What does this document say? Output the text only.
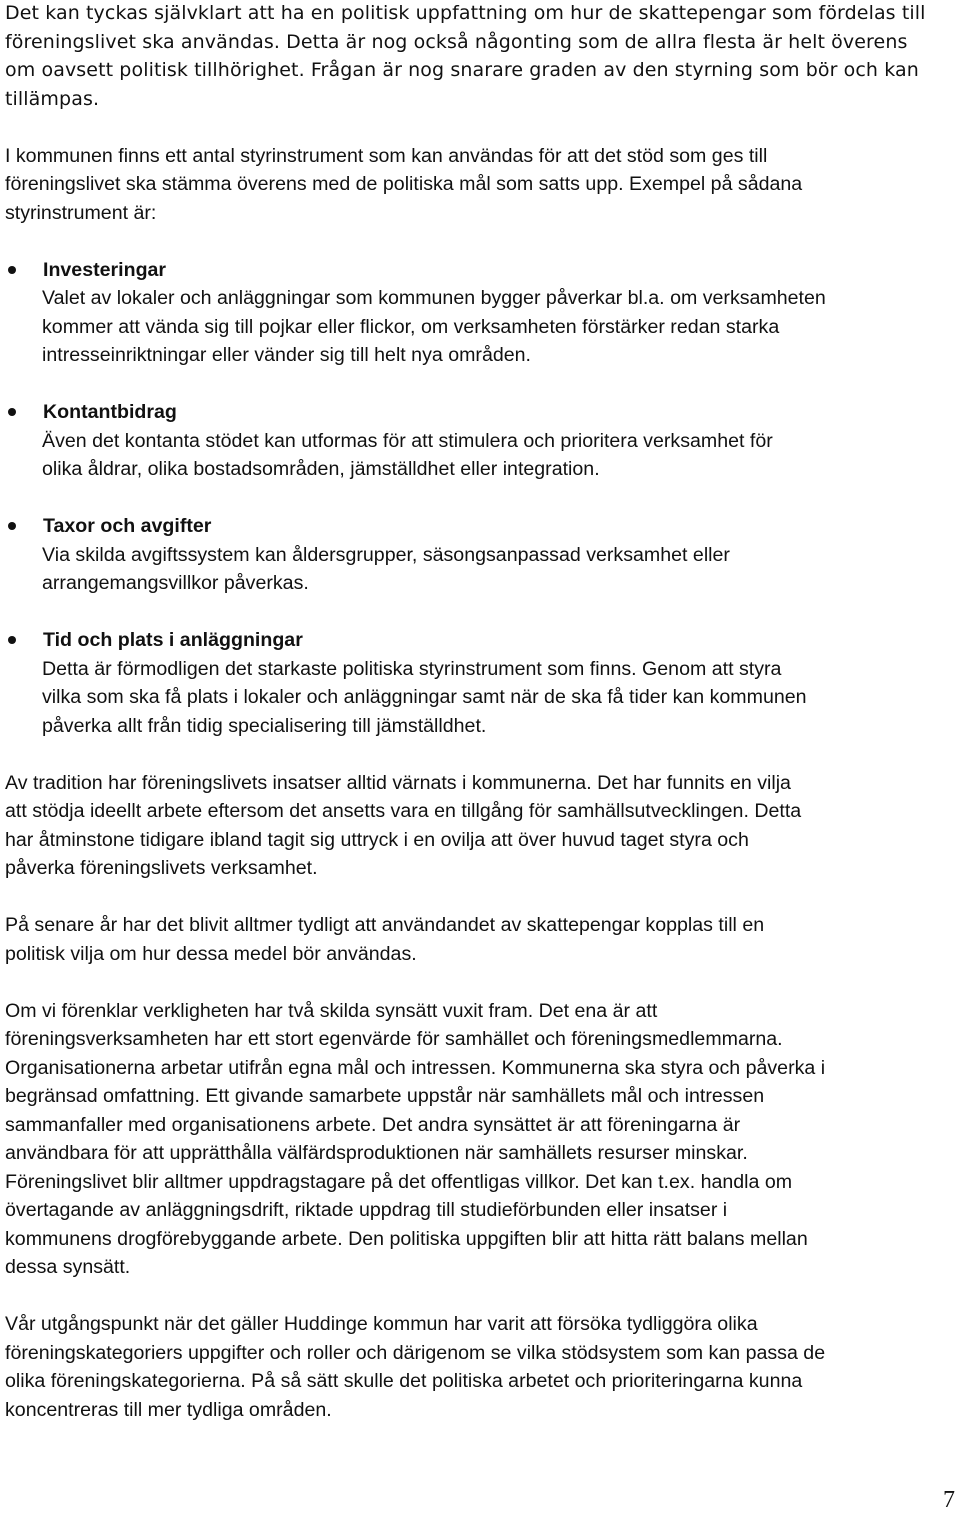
Det kan tyckas självklart att ha en politisk uppfattning om hur de skattepengar som fördelas till
föreningslivet ska användas. Detta är nog också någonting som de allra flesta är helt överens
om oavsett politisk tillhörighet. Frågan är nog snarare graden av den styrning som bör och kan
tillämpas.
I kommunen finns ett antal styrinstrument som kan användas för att det stöd som ges till
föreningslivet ska stämma överens med de politiska mål som satts upp. Exempel på sådana
styrinstrument är:
Investeringar
Valet av lokaler och anläggningar som kommunen bygger påverkar bl.a. om verksamheten
kommer att vända sig till pojkar eller flickor, om verksamheten förstärker redan starka
intresseinriktningar eller vänder sig till helt nya områden.
Kontantbidrag
Även det kontanta stödet kan utformas för att stimulera och prioritera verksamhet för
olika åldrar, olika bostadsområden, jämställdhet eller integration.
Taxor och avgifter
Via skilda avgiftssystem kan åldersgrupper, säsongsanpassad verksamhet eller
arrangemangsvillkor påverkas.
Tid och plats i anläggningar
Detta är förmodligen det starkaste politiska styrinstrument som finns. Genom att styra
vilka som ska få plats i lokaler och anläggningar samt när de ska få tider kan kommunen
påverka allt från tidig specialisering till jämställdhet.
Av tradition har föreningslivets insatser alltid värnats i kommunerna. Det har funnits en vilja
att stödja ideellt arbete eftersom det ansetts vara en tillgång för samhällsutvecklingen. Detta
har åtminstone tidigare ibland tagit sig uttryck i en ovilja att över huvud taget styra och
påverka föreningslivets verksamhet.
På senare år har det blivit alltmer tydligt att användandet av skattepengar kopplas till en
politisk vilja om hur dessa medel bör användas.
Om vi förenklar verkligheten har två skilda synsätt vuxit fram. Det ena är att
föreningsverksamheten har ett stort egenvärde för samhället och föreningsmedlemmarna.
Organisationerna arbetar utifrån egna mål och intressen. Kommunerna ska styra och påverka i
begränsad omfattning. Ett givande samarbete uppstår när samhällets mål och intressen
sammanfaller med organisationens arbete. Det andra synsättet är att föreningarna är
användbara för att upprätthålla välfärdsproduktionen när samhällets resurser minskar.
Föreningslivet blir alltmer uppdragstagare på det offentligas villkor. Det kan t.ex. handla om
övertagande av anläggningsdrift, riktade uppdrag till studieförbunden eller insatser i
kommunens drogförebyggande arbete. Den politiska uppgiften blir att hitta rätt balans mellan
dessa synsätt.
Vår utgångspunkt när det gäller Huddinge kommun har varit att försöka tydliggöra olika
föreningskategoriers uppgifter och roller och därigenom se vilka stödsystem som kan passa de
olika föreningskategorierna. På så sätt skulle det politiska arbetet och prioriteringarna kunna
koncentreras till mer tydliga områden.
7
